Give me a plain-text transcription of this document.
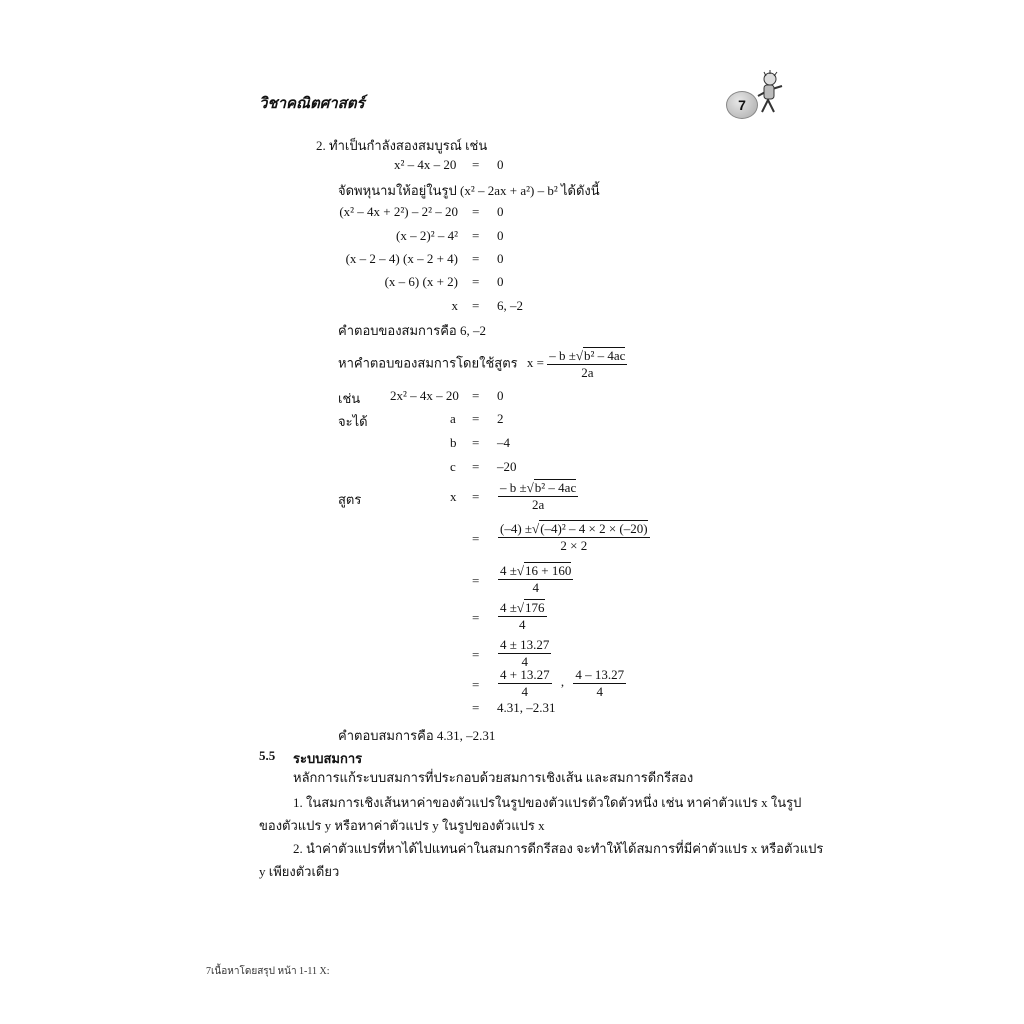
วิชาคณิตศาสตร์	7
2. ทำเป็นกำลังสองสมบูรณ์ เช่น
x² – 4x – 20 = 0
จัดพหุนามให้อยู่ในรูป (x² – 2ax + a²) – b² ได้ดังนี้
(x² – 4x + 2²) – 2² – 20 = 0
(x – 2)² – 4² = 0
(x – 2 – 4) (x – 2 + 4) = 0
(x – 6) (x + 2) = 0
x = 6, –2
คำตอบของสมการคือ 6, –2
หาคำตอบของสมการโดยใช้สูตร $x = \frac{\text{– b ±√b² – 4ac}}{2a}$
เช่น 2x² – 4x – 20 = 0
จะได้	a = 2
b = –4
c = –20
สูตร	$x = \frac{\text{– b ±√b² – 4ac}}{2a}$
= $\frac{\text{(–4) ±√(–4)² – 4 × 2 × (–20)}}{2 \times 2}$
= $\frac{4 \pm√16 + 160}{4}$
= $\frac{4 \pm√176}{4}$
= $\frac{4 \pm 13.27}{4}$
= $\frac{4 + 13.27}{4}$ , $\frac{4 - 13.27}{4}$
= 4.31, –2.31
คำตอบสมการคือ 4.31, –2.31
5.5 ระบบสมการ
หลักการแก้ระบบสมการที่ประกอบด้วยสมการเชิงเส้น และสมการดีกรีสอง
1. ในสมการเชิงเส้นหาค่าของตัวแปรในรูปของตัวแปรตัวใดตัวหนึ่ง เช่น หาค่าตัวแปร x ในรูป
ของตัวแปร y หรือหาค่าตัวแปร y ในรูปของตัวแปร x
2. นำค่าตัวแปรที่หาได้ไปแทนค่าในสมการดีกรีสอง จะทำให้ได้สมการที่มีค่าตัวแปร x หรือตัวแปร
y เพียงตัวเดียว
7เนื้อหาโดยสรุป หน้า 1-11 X:
